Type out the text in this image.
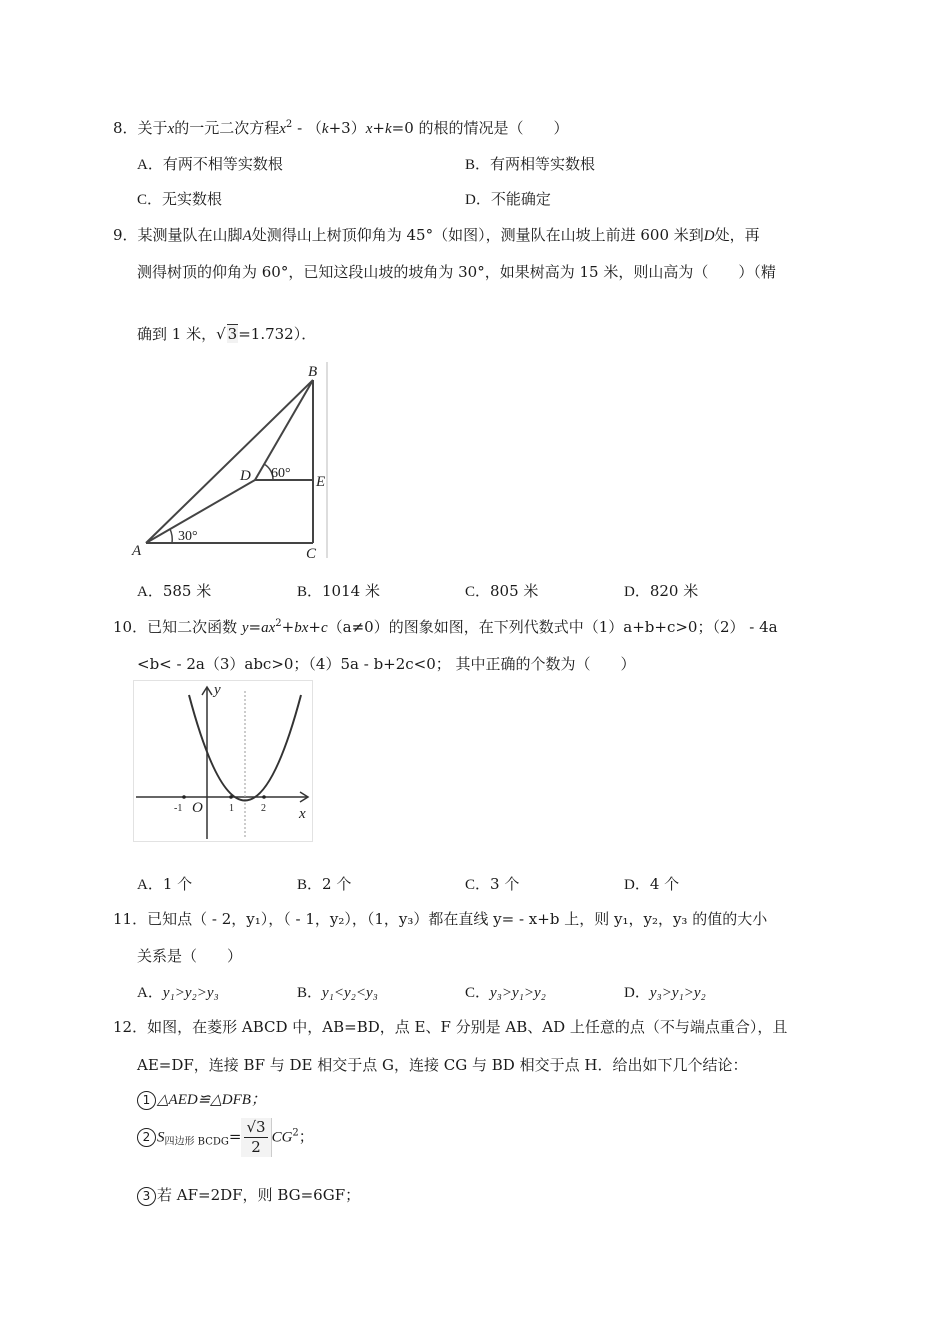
8．关于x的一元二次方程$x^2 - (k+3)x+k=0$ 的根的情况是（　　）
A．有两不相等实数根	B．有两相等实数根
C．无实数根	D．不能确定
9．某测量队在山脚A处测得山上树顶仰角为 45°（如图），测量队在山坡上前进 600 米到D处，再
测得树顶的仰角为 60°，已知这段山坡的坡角为 30°，如果树高为 15 米，则山高为（　　）（精
确到 1 米，√ 3=1.732）．
B
D	E
A	C
30°
60°
A．585 米	B．1014 米	C．805 米	D．820 米
10．已知二次函数 $y=ax^2+bx+c(a\ne 0)$的图象如图，在下列代数式中（1）a+b+c>0；（2） - 4a
<b< - 2a（3）abc>0；（4）5a - b+2c<0； 其中正确的个数为（　　）
-1 O	1	2 x
y
A．1 个	B．2 个	C．3 个	D．4 个
11．已知点（ - 2，y₁），（ - 1，y₂），（1，y₃）都在直线 y= - x+b 上，则 y₁，y₂，y₃ 的值的大小
关系是（　　）
A．y₁>y₂>y₃	B．y₁<y₂<y₃	C．y₃>y₁>y₂	D．y₃>y₁>y₂
12．如图，在菱形 ABCD 中，AB=BD，点 E、F 分别是 AB、AD 上任意的点（不与端点重合），且
AE=DF，连接 BF 与 DE 相交于点 G，连接 CG 与 BD 相交于点 H．给出如下几个结论：
1 △AED≌△DFB；
2 $S_{四边形 BCDG}= \frac{√3}{2} CG^2$；
3 若 AF=2DF，则 BG=6GF；
